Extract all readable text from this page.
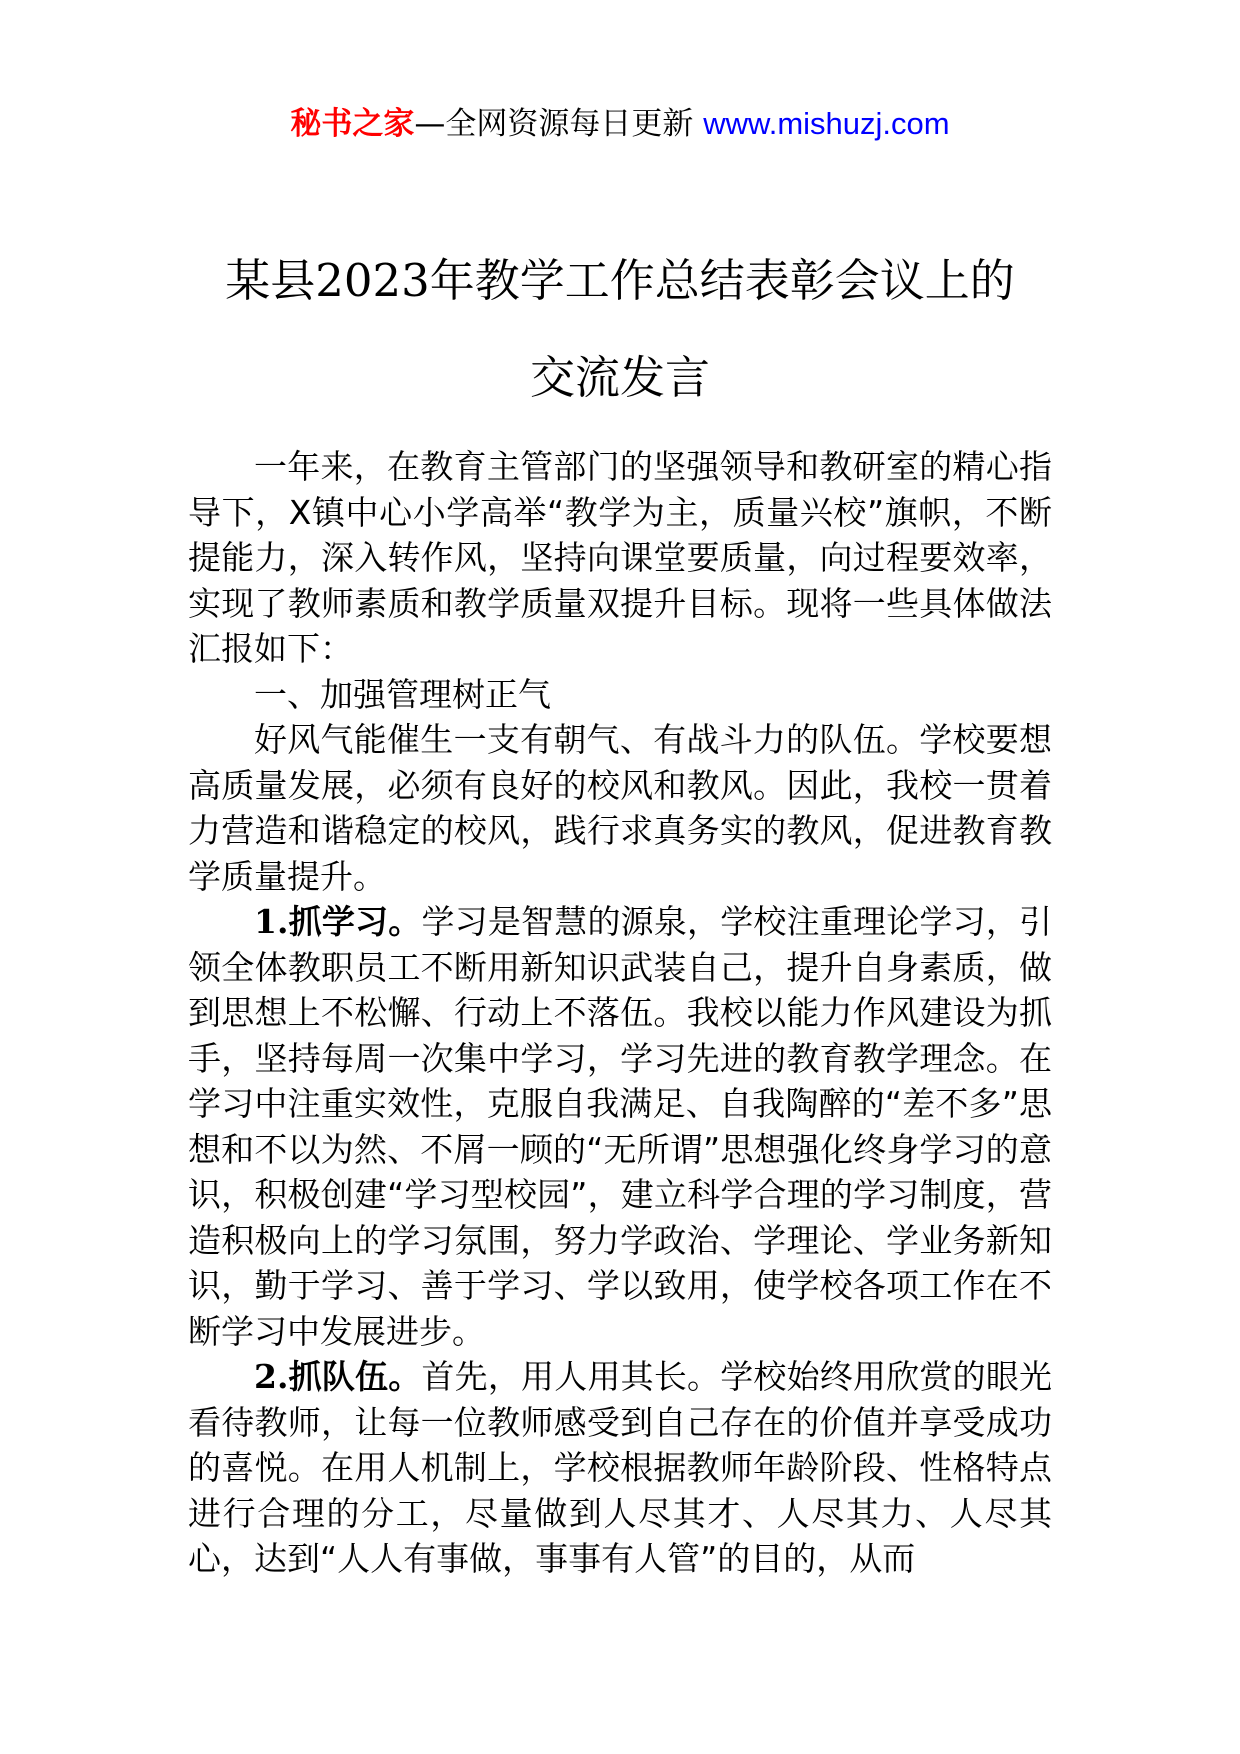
秘书之家—全网资源每日更新 www.mishuzj.com
某县2023年教学工作总结表彰会议上的
交流发言

一年来，在教育主管部门的坚强领导和教研室的精心指导下，X镇中心小学高举“教学为主，质量兴校”旗帜，不断提能力，深入转作风，坚持向课堂要质量，向过程要效率，实现了教师素质和教学质量双提升目标。现将一些具体做法汇报如下：

一、加强管理树正气

好风气能催生一支有朝气、有战斗力的队伍。学校要想高质量发展，必须有良好的校风和教风。因此，我校一贯着力营造和谐稳定的校风，践行求真务实的教风，促进教育教学质量提升。

1.抓学习。学习是智慧的源泉，学校注重理论学习，引领全体教职员工不断用新知识武装自己，提升自身素质，做到思想上不松懈、行动上不落伍。我校以能力作风建设为抓手，坚持每周一次集中学习，学习先进的教育教学理念。在学习中注重实效性，克服自我满足、自我陶醉的“差不多”思想和不以为然、不屑一顾的“无所谓”思想强化终身学习的意识，积极创建“学习型校园”，建立科学合理的学习制度，营造积极向上的学习氛围，努力学政治、学理论、学业务新知识，勤于学习、善于学习、学以致用，使学校各项工作在不断学习中发展进步。

2.抓队伍。首先，用人用其长。学校始终用欣赏的眼光看待教师，让每一位教师感受到自己存在的价值并享受成功的喜悦。在用人机制上，学校根据教师年龄阶段、性格特点进行合理的分工，尽量做到人尽其才、人尽其力、人尽其心，达到“人人有事做，事事有人管”的目的，从而
